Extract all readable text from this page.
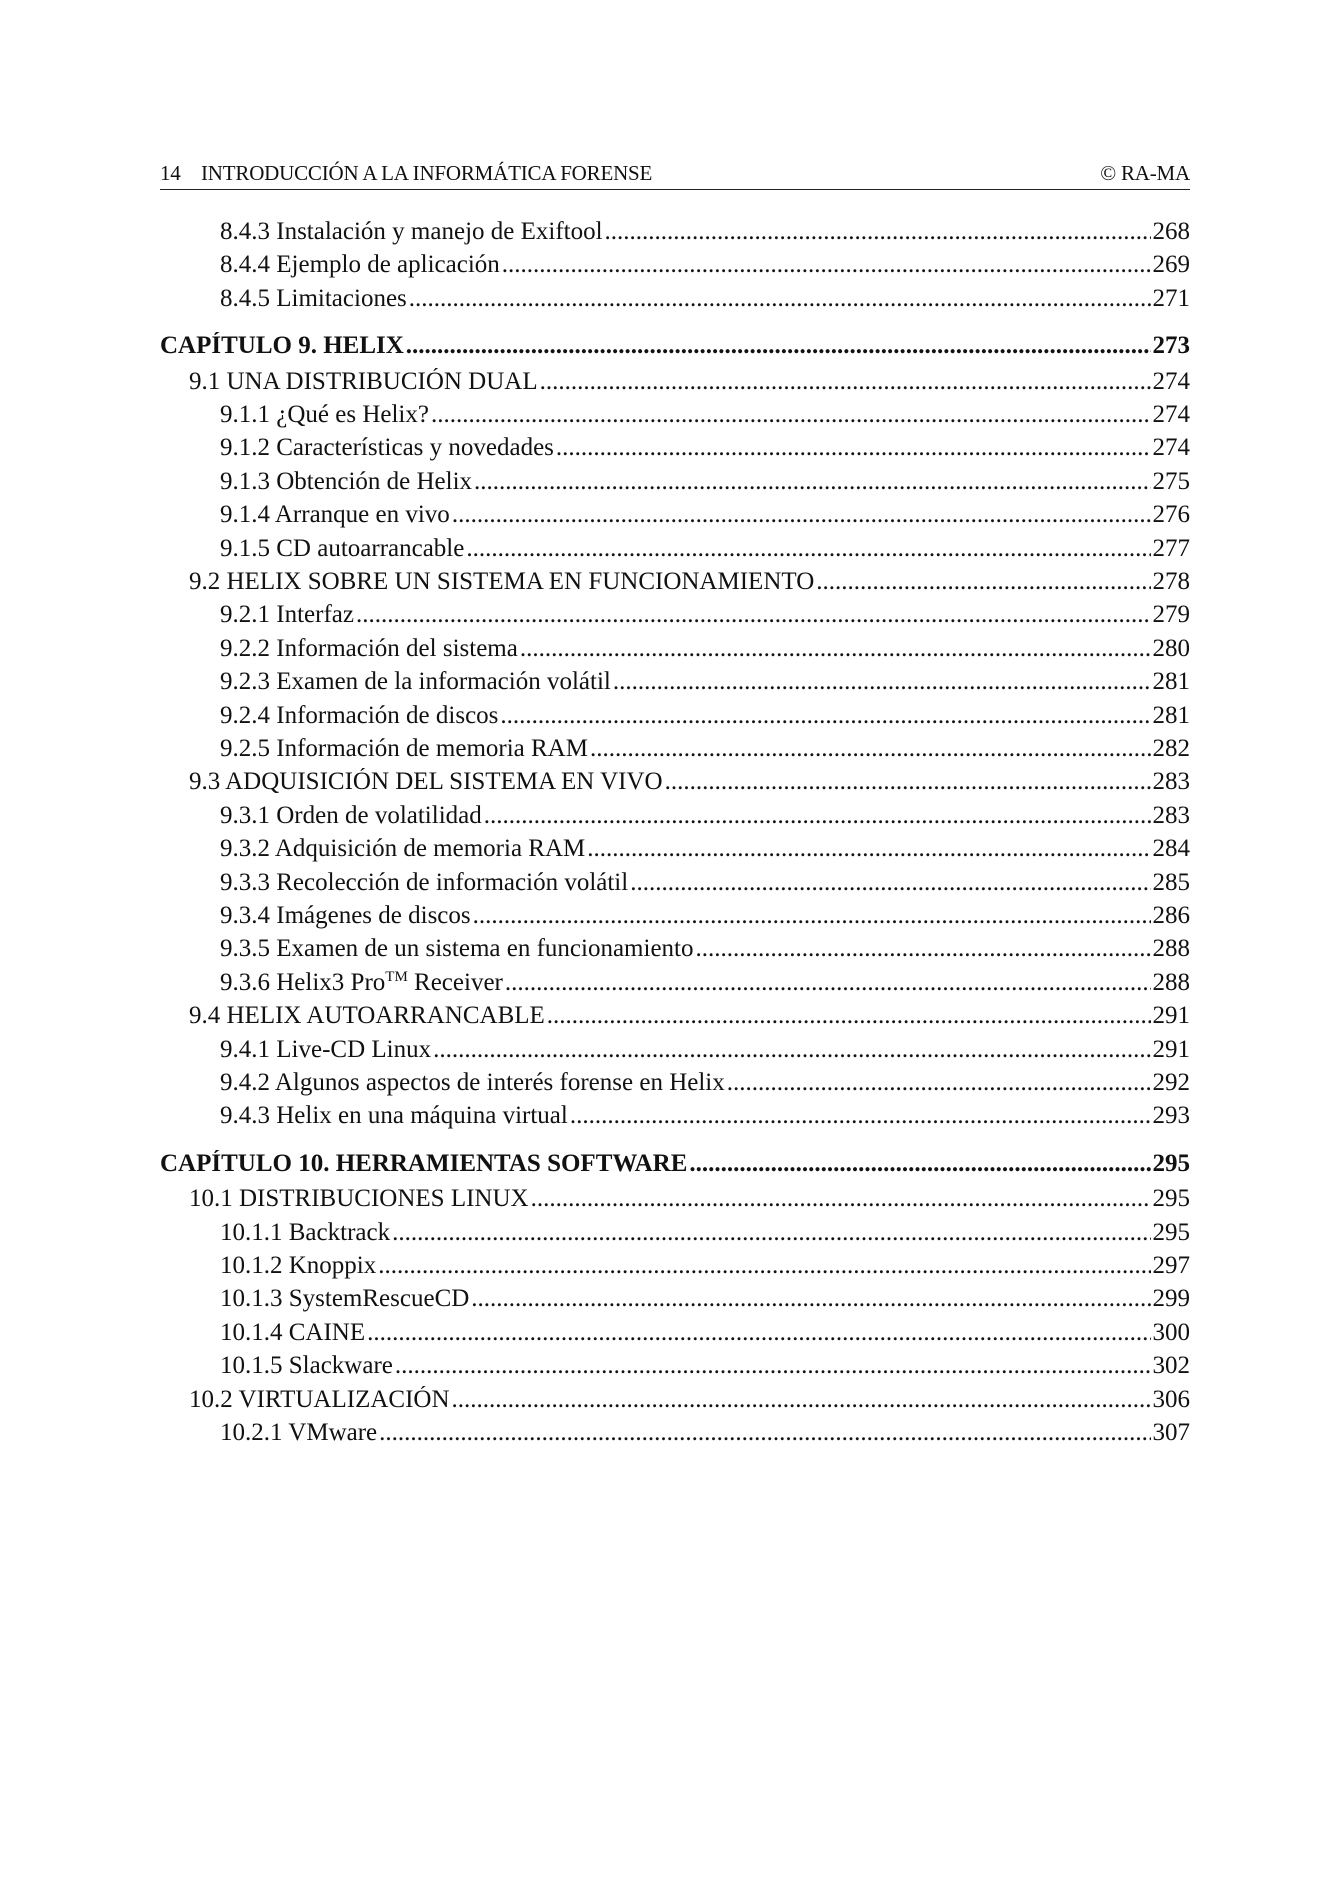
14 INTRODUCCIÓN A LA INFORMÁTICA FORENSE	© RA-MA
8.4.3 Instalación y manejo de Exiftool .....	268
8.4.4 Ejemplo de aplicación .....	269
8.4.5 Limitaciones .....	271
CAPÍTULO 9. HELIX .....	273
9.1 UNA DISTRIBUCIÓN DUAL .....	274
9.1.1 ¿Qué es Helix? .....	274
9.1.2 Características y novedades .....	274
9.1.3 Obtención de Helix .....	275
9.1.4 Arranque en vivo .....	276
9.1.5 CD autoarrancable .....	277
9.2 HELIX SOBRE UN SISTEMA EN FUNCIONAMIENTO .....	278
9.2.1 Interfaz .....	279
9.2.2 Información del sistema .....	280
9.2.3 Examen de la información volátil .....	281
9.2.4 Información de discos .....	281
9.2.5 Información de memoria RAM .....	282
9.3 ADQUISICIÓN DEL SISTEMA EN VIVO .....	283
9.3.1 Orden de volatilidad .....	283
9.3.2 Adquisición de memoria RAM .....	284
9.3.3 Recolección de información volátil .....	285
9.3.4 Imágenes de discos .....	286
9.3.5 Examen de un sistema en funcionamiento .....	288
9.3.6 Helix3 Pro™ Receiver .....	288
9.4 HELIX AUTOARRANCABLE .....	291
9.4.1 Live-CD Linux .....	291
9.4.2 Algunos aspectos de interés forense en Helix .....	292
9.4.3 Helix en una máquina virtual .....	293
CAPÍTULO 10. HERRAMIENTAS SOFTWARE .....	295
10.1 DISTRIBUCIONES LINUX .....	295
10.1.1 Backtrack .....	295
10.1.2 Knoppix .....	297
10.1.3 SystemRescueCD .....	299
10.1.4 CAINE .....	300
10.1.5 Slackware .....	302
10.2 VIRTUALIZACIÓN .....	306
10.2.1 VMware .....	307
